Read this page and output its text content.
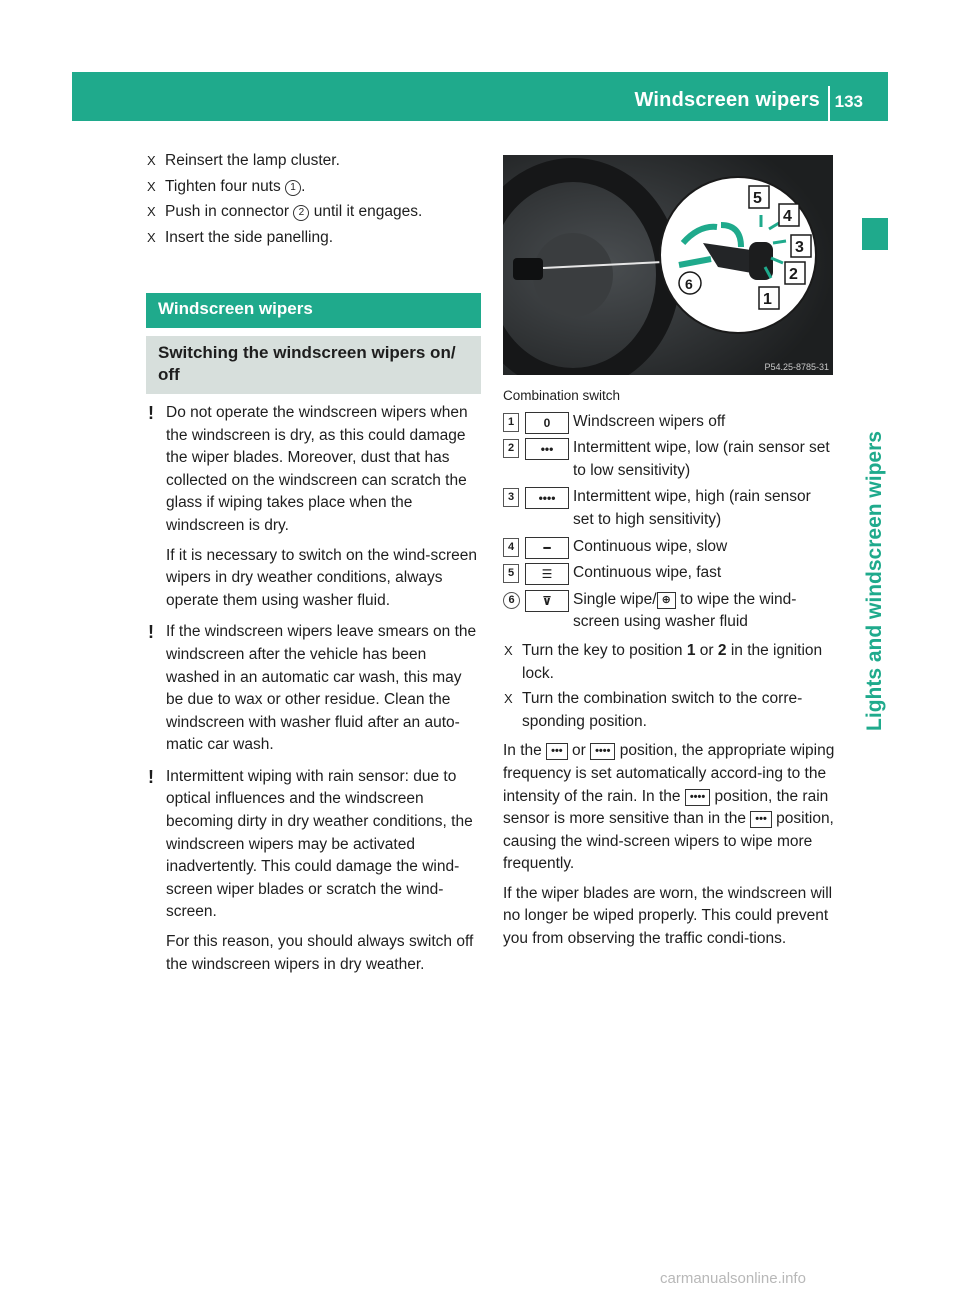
Windscreen wipers 133
Lights and windscreen wipers
X Reinsert the lamp cluster.
X Tighten four nuts 1 .
X Push in connector 2 until it engages.
X Insert the side panelling.
Windscreen wipers
Switching the windscreen wipers on/ off
! Do not operate the windscreen wipers when the windscreen is dry, as this could damage the wiper blades. Moreover, dust that has collected on the windscreen can scratch the glass if wiping takes place when the windscreen is dry.

If it is necessary to switch on the wind-screen wipers in dry weather conditions, always operate them using washer fluid.

! If the windscreen wipers leave smears on the windscreen after the vehicle has been washed in an automatic car wash, this may be due to wax or other residue. Clean the windscreen with washer fluid after an auto-matic car wash.

! Intermittent wiping with rain sensor: due to optical influences and the windscreen becoming dirty in dry weather conditions, the windscreen wipers may be activated inadvertently. This could damage the wind-screen wiper blades or scratch the wind-screen.

For this reason, you should always switch off the windscreen wipers in dry weather.

5
4
3
2
1
6
P54.25-8785-31
Combination switch
1	0	Windscreen wipers off
2	•••	Intermittent wipe, low (rain sensor set to low sensitivity)
3	••••	Intermittent wipe, high (rain sensor set to high sensitivity)
4	━	Continuous wipe, slow
5	☰	Continuous wipe, fast
6	⊽	Single wipe/ ⊕ to wipe the wind-screen using washer fluid
X Turn the key to position 1 or 2 in the ignition lock.
X Turn the combination switch to the corre-sponding position.

In the ••• or •••• position, the appropriate wiping frequency is set automatically accord-ing to the intensity of the rain. In the •••• position, the rain sensor is more sensitive than in the ••• position, causing the wind-screen wipers to wipe more frequently.

If the wiper blades are worn, the windscreen will no longer be wiped properly. This could prevent you from observing the traffic condi-tions.

carmanualsonline.info
